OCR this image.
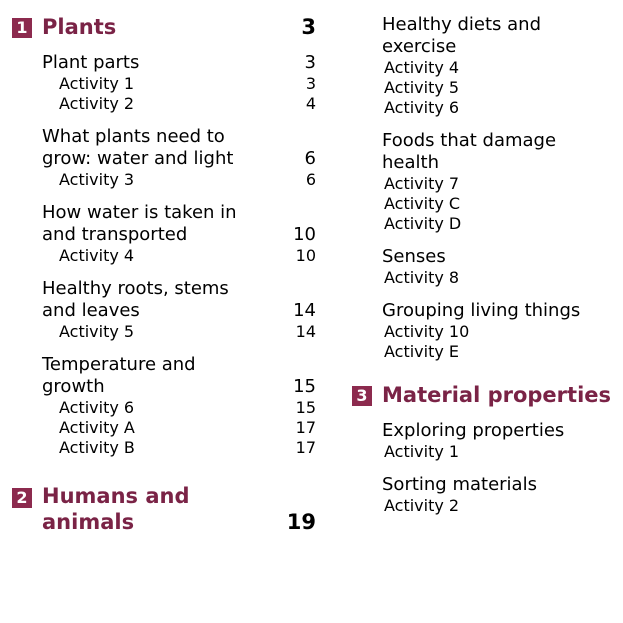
1 Plants	3
Plant parts	3
Activity 1	3
Activity 2	4
What plants need to
grow: water and light	6
Activity 3	6
How water is taken in
and transported	10
Activity 4	10
Healthy roots, stems
and leaves	14
Activity 5	14
Temperature and
growth	15
Activity 6	15
Activity A	17
Activity B	17
2 Humans and
animals	19
Healthy diets and
exercise
Activity 4
Activity 5
Activity 6
Foods that damage
health
Activity 7
Activity C
Activity D
Senses
Activity 8
Grouping living things
Activity 10
Activity E
3 Material properties
Exploring properties
Activity 1
Sorting materials
Activity 2
